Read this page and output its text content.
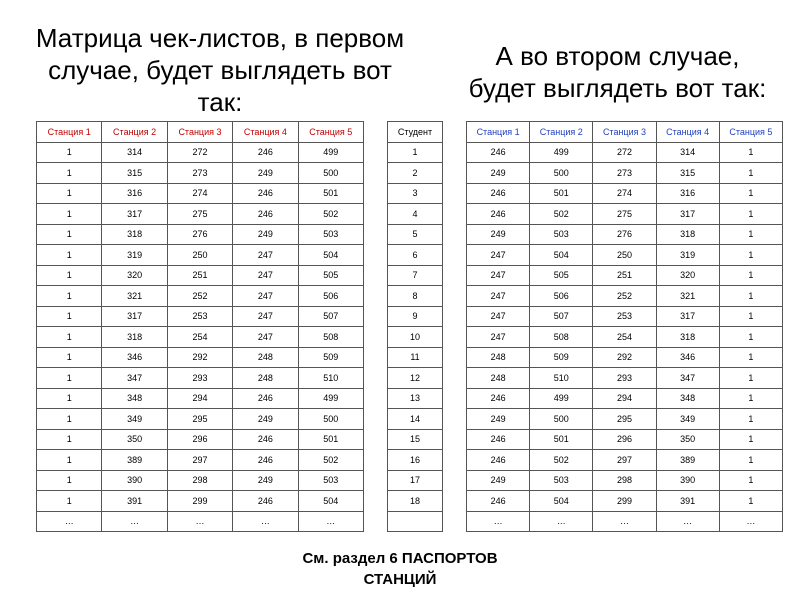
Матрица чек-листов, в первом
случае, будет выглядеть вот
так:
А во втором случае,
будет выглядеть вот так:
Станция 1	Станция 2	Станция 3	Станция 4	Станция 5
1	314	272	246	499
1	315	273	249	500
1	316	274	246	501
1	317	275	246	502
1	318	276	249	503
1	319	250	247	504
1	320	251	247	505
1	321	252	247	506
1	317	253	247	507
1	318	254	247	508
1	346	292	248	509
1	347	293	248	510
1	348	294	246	499
1	349	295	249	500
1	350	296	246	501
1	389	297	246	502
1	390	298	249	503
1	391	299	246	504
…	…	…	…	…
Студент
1
2
3
4
5
6
7
8
9
10
11
12
13
14
15
16
17
18

Станция 1	Станция 2	Станция 3	Станция 4	Станция 5
246	499	272	314	1
249	500	273	315	1
246	501	274	316	1
246	502	275	317	1
249	503	276	318	1
247	504	250	319	1
247	505	251	320	1
247	506	252	321	1
247	507	253	317	1
247	508	254	318	1
248	509	292	346	1
248	510	293	347	1
246	499	294	348	1
249	500	295	349	1
246	501	296	350	1
246	502	297	389	1
249	503	298	390	1
246	504	299	391	1
…	…	…	…	…
См. раздел 6 ПАСПОРТОВ
СТАНЦИЙ
